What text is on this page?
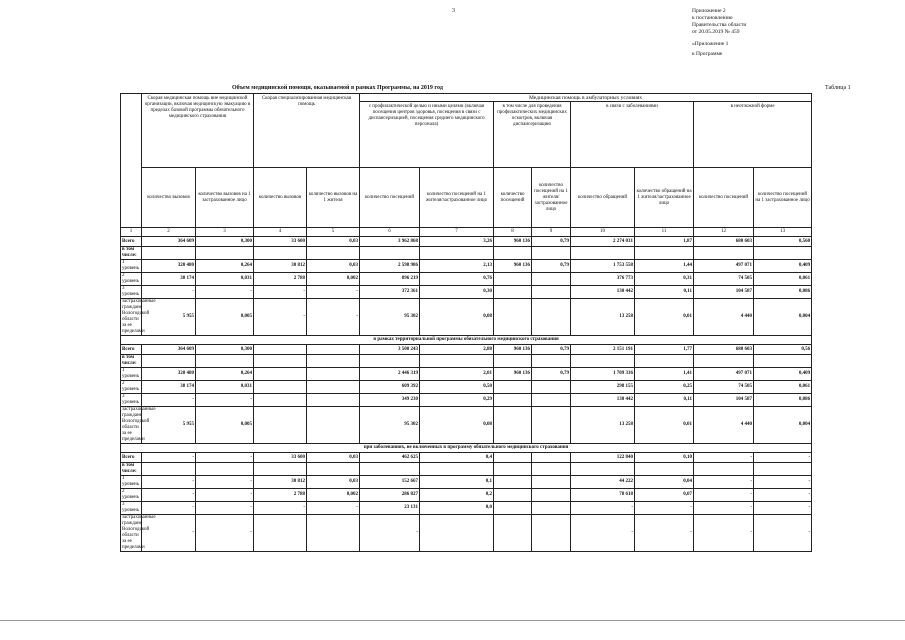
3	Приложение 2
к постановлению
Правительства области
от 20.05.2019 № 459
«Приложение 1
к Программе
Объем медицинской помощи, оказываемой в рамках Программы, на 2019 год	Таблица 1
	Скорая медицинская помощь вне медицинской организации, включая медицинскую эвакуацию в пределах базовой программы обязательного медицинского страхования		Скорая специализированная медицинская помощь		Медицинская помощь в амбулаторных условиях							
					с профилактической целью и иными целями (включая посещения центров здоровья, посещения в связи с диспансеризацией, посещения среднего медицинского персонала)		в том числе для проведения профилактических медицинских осмотров, включая диспансеризацию		в связи с заболеваниями		в неотложной форме	
	количество вызовов	количество вызовов на 1 застрахованное лицо	количество вызовов	количество вызовов на 1 жителя	количество посещений	количество посещений на 1 жителя/застрахованное лицо	количество посещений	количество посещений на 1 жителя/застрахованное лицо	количество обращений	количество обращений на 1 жителя/застрахованное лицо	количество посещений	количество посещений на 1 застрахованное лицо
1	2	3	4	5	6	7	8	9	10	11	12	13
Всего	364 609	0,300	33 600	0,03	3 962 868	3,26	960 136	0,79	2 274 031	1,87	680 603	0,560
в том числе:												
1 уровень	320 480	0,264	30 812	0,03	2 598 986	2,13	960 136	0,79	1 753 558	1,44	497 071	0,409
2 уровень	38 174	0,031	2 788	0,002	896 219	0,76			376 773	0,31	74 505	0,061
3 уровень	-	-	-	-	372 361	0,30			130 442	0,11	104 587	0,086
застрахованные граждане Вологодской области за ее пределами	5 955	0,005	-	-	95 302	0,08			13 258	0,01	4 440	0,004
в рамках территориальной программы обязательного медицинского страхования												
Всего	364 609	0,300			3 500 243	2,88	960 136	0,79	2 151 191	1,77	680 603	0,56
в том числе:												
1 уровень	320 480	0,264			2 446 319	2,01	960 136	0,79	1 709 336	1,41	497 071	0,409
2 уровень	38 174	0,031			609 392	0,50			298 155	0,25	74 505	0,061
3 уровень	-	-			349 230	0,29			130 442	0,11	104 587	0,086
застрахованные граждане Вологодской области за ее пределами	5 955	0,005			95 302	0,08			13 258	0,01	4 440	0,004
при заболеваниях, не включенных в программу обязательного медицинского страхования												
Всего	-	-	33 600	0,03	462 625	0,4			122 840	0,10	-	-
в том числе:												
1 уровень	-	-	30 812	0,03	152 667	0,1			44 222	0,04	-	-
2 уровень	-	-	2 788	0,002	286 827	0,2			78 618	0,07	-	-
3 уровень	-	-	-	-	23 131	0,0			-	-	-	-
застрахованные граждане Вологодской области за ее пределами	-	-			-				-	-	-	-
